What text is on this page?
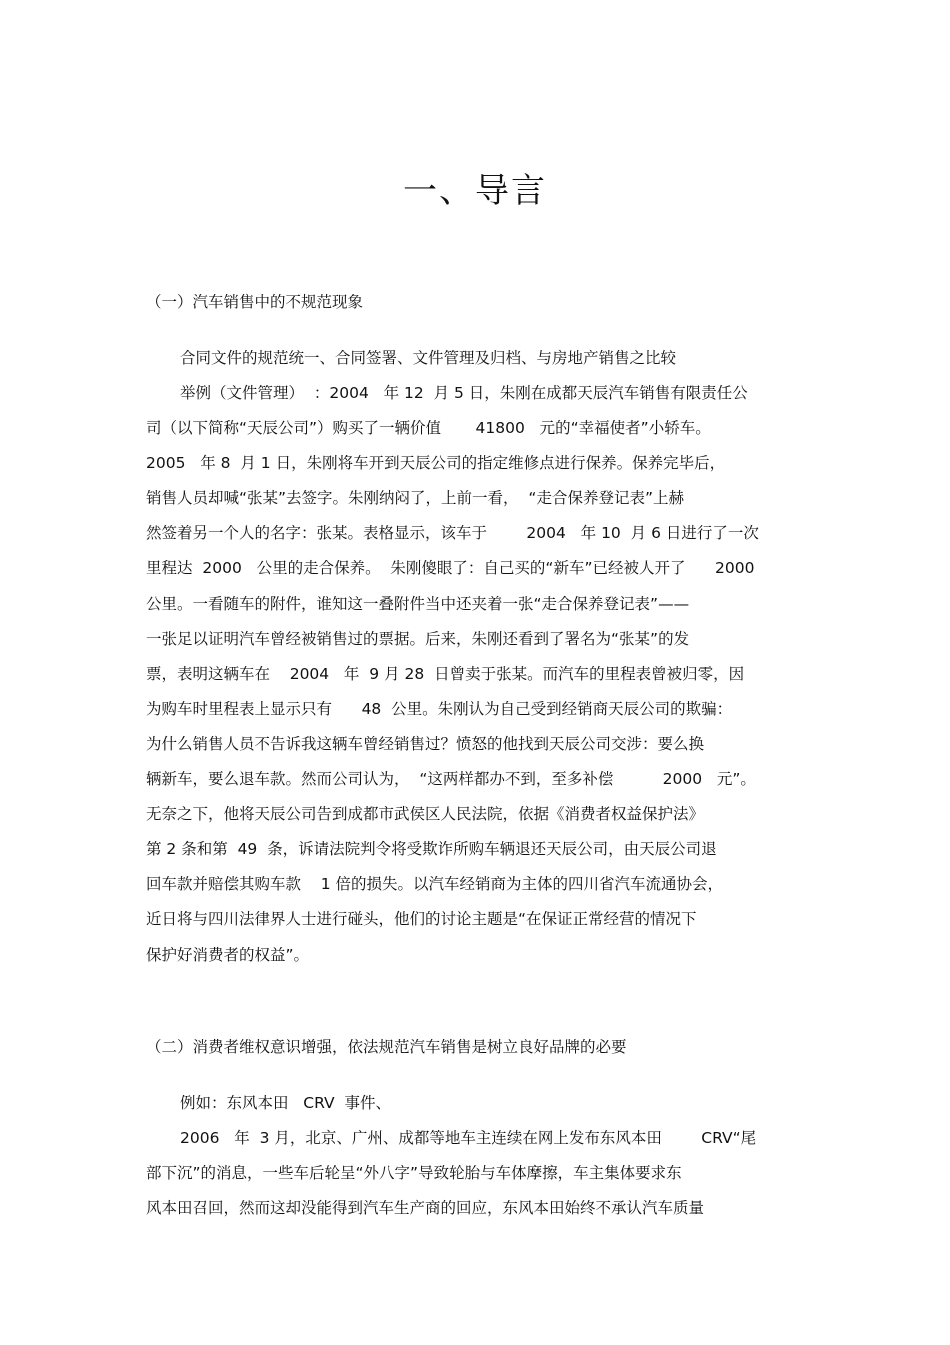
一、导言
（一）汽车销售中的不规范现象

合同文件的规范统一、合同签署、文件管理及归档、与房地产销售之比较

举例（文件管理）  ：2004   年 12  月 5 日，朱刚在成都天辰汽车销售有限责任公

司（以下简称“天辰公司”）购买了一辆价值       41800   元的“幸福使者”小轿车。

2005   年 8  月 1 日，朱刚将车开到天辰公司的指定维修点进行保养。保养完毕后，

销售人员却喊“张某”去签字。朱刚纳闷了，上前一看，  “走合保养登记表”上赫

然签着另一个人的名字：张某。表格显示，该车于        2004   年 10  月 6 日进行了一次

里程达  2000   公里的走合保养。  朱刚傻眼了：自己买的“新车”已经被人开了      2000

公里。一看随车的附件，谁知这一叠附件当中还夹着一张“走合保养登记表”——

一张足以证明汽车曾经被销售过的票据。后来，朱刚还看到了署名为“张某”的发

票，表明这辆车在    2004   年  9 月 28  日曾卖于张某。而汽车的里程表曾被归零，因

为购车时里程表上显示只有      48  公里。朱刚认为自己受到经销商天辰公司的欺骗：

为什么销售人员不告诉我这辆车曾经销售过？愤怒的他找到天辰公司交涉：要么换

辆新车，要么退车款。然而公司认为，  “这两样都办不到，至多补偿          2000   元”。

无奈之下，他将天辰公司告到成都市武侯区人民法院，依据《消费者权益保护法》

第 2 条和第  49  条，诉请法院判令将受欺诈所购车辆退还天辰公司，由天辰公司退

回车款并赔偿其购车款    1 倍的损失。以汽车经销商为主体的四川省汽车流通协会，

近日将与四川法律界人士进行碰头，他们的讨论主题是“在保证正常经营的情况下

保护好消费者的权益”。

（二）消费者维权意识增强，依法规范汽车销售是树立良好品牌的必要

例如：东风本田   CRV  事件、

2006   年  3 月，北京、广州、成都等地车主连续在网上发布东风本田        CRV“尾

部下沉”的消息，一些车后轮呈“外八字”导致轮胎与车体摩擦，车主集体要求东

风本田召回，然而这却没能得到汽车生产商的回应，东风本田始终不承认汽车质量
